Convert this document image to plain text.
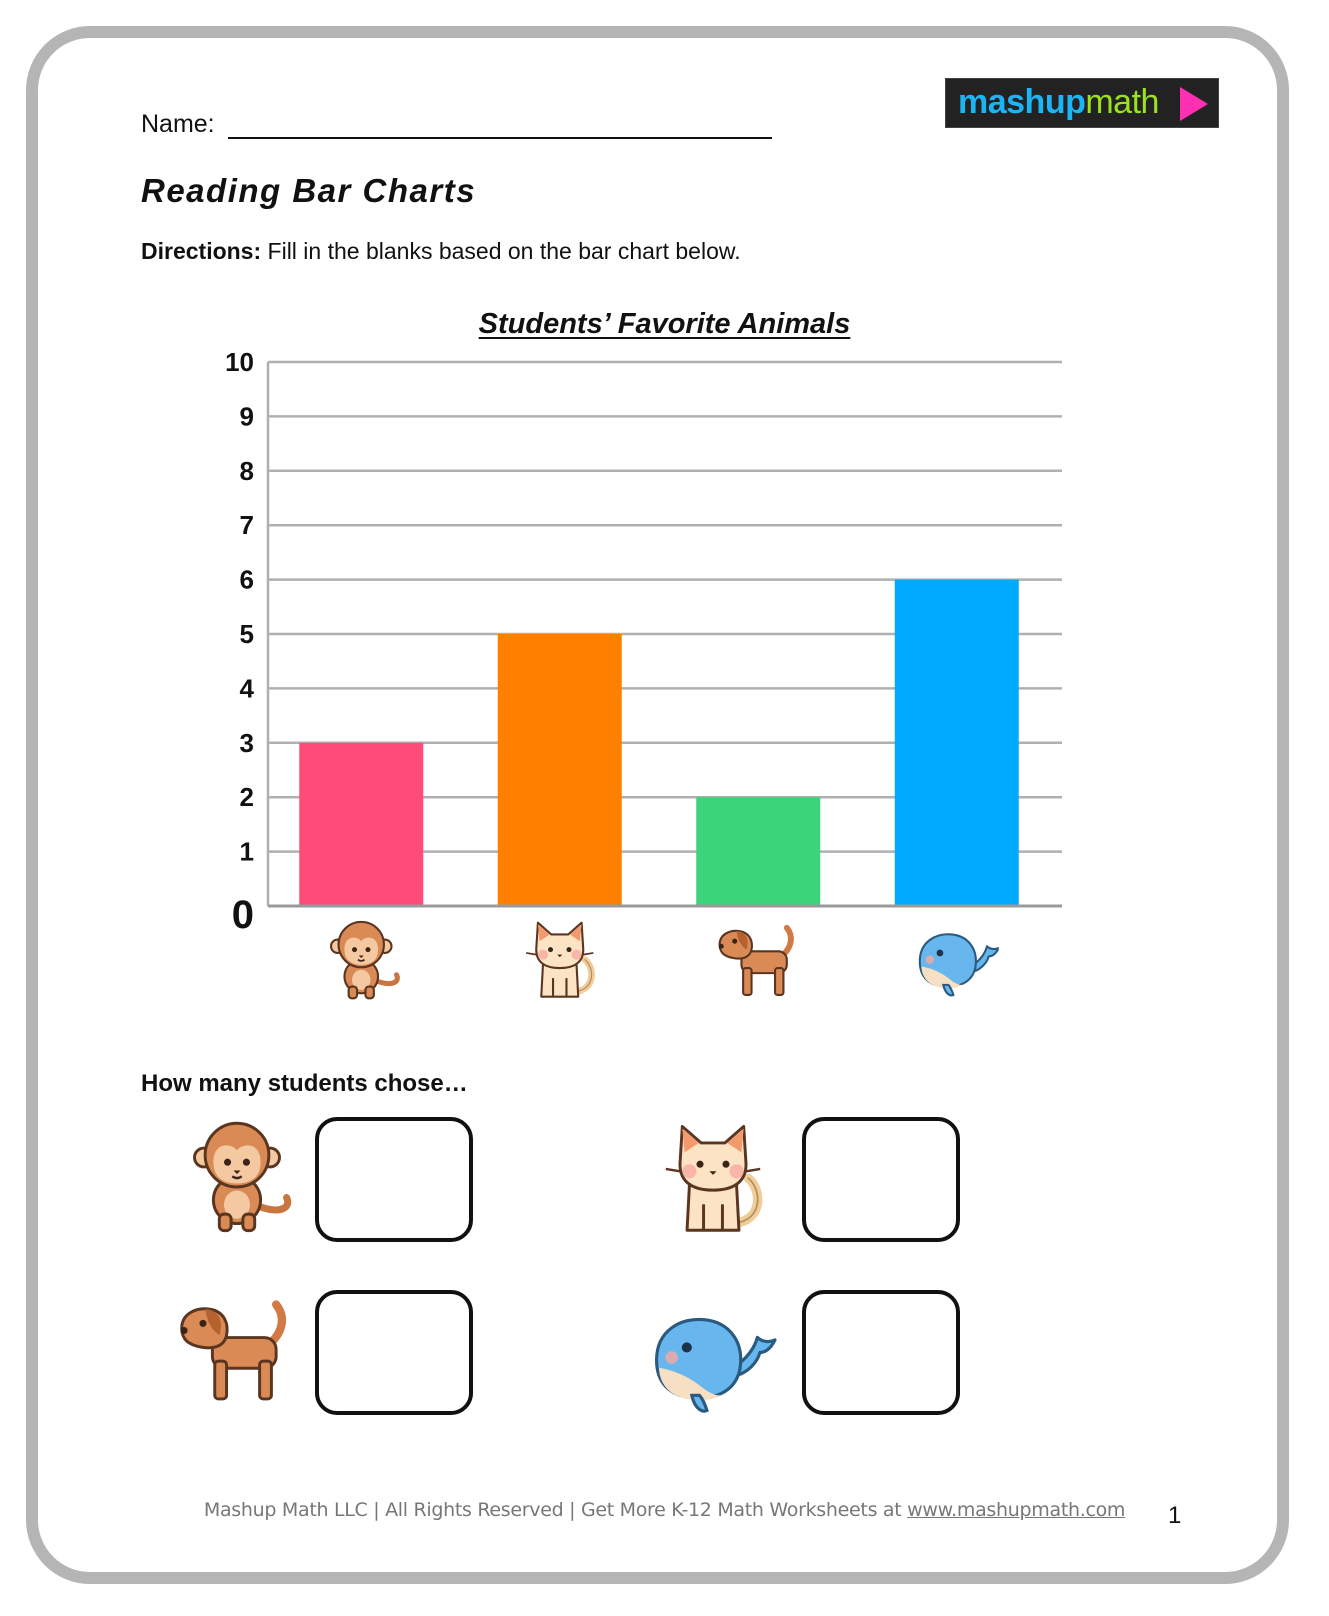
Name:
mashupmath
Reading Bar Charts
Directions: Fill in the blanks based on the bar chart below.
Students’ Favorite Animals
0
1
2
3
4
5
6
7
8
9
10
How many students chose…
Mashup Math LLC | All Rights Reserved | Get More K-12 Math Worksheets at www.mashupmath.com	1
